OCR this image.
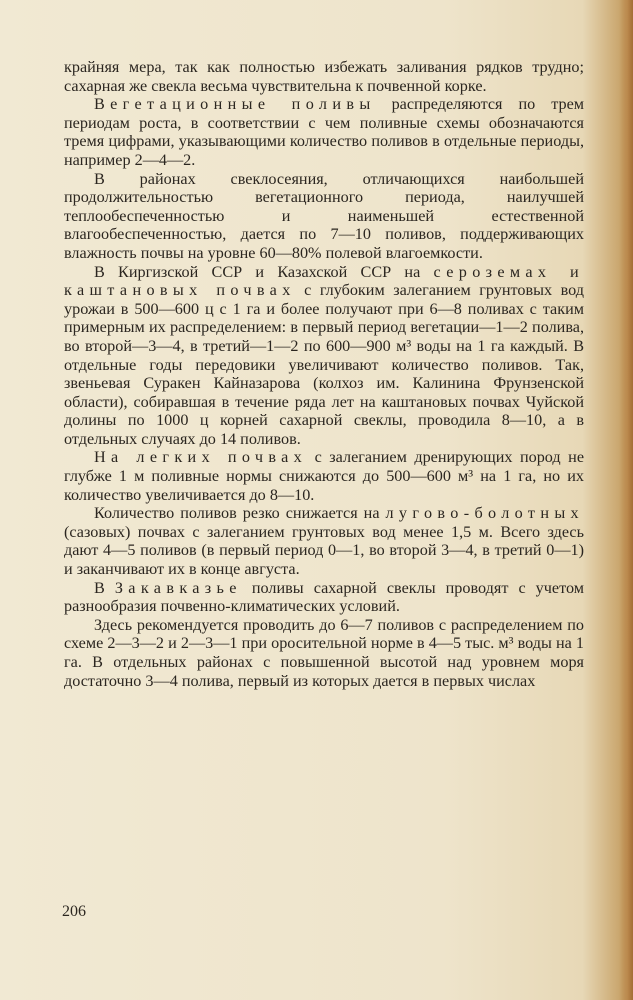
крайняя мера, так как полностью избежать заливания рядков трудно; сахарная же свекла весьма чувствительна к почвенной корке.

Вегетационные поливы распределяются по трем периодам роста, в соответствии с чем поливные схемы обозначаются тремя цифрами, указывающими количество поливов в отдельные периоды, например 2—4—2.

В районах свеклосеяния, отличающихся наибольшей продолжительностью вегетационного периода, наилучшей теплообеспеченностью и наименьшей естественной влагообеспеченностью, дается по 7—10 поливов, поддерживающих влажность почвы на уровне 60—80% полевой влагоемкости.

В Киргизской ССР и Казахской ССР на сероземах и каштановых почвах с глубоким залеганием грунтовых вод урожаи в 500—600 ц с 1 га и более получают при 6—8 поливах с таким примерным их распределением: в первый период вегетации—1—2 полива, во второй—3—4, в третий—1—2 по 600—900 м³ воды на 1 га каждый. В отдельные годы передовики увеличивают количество поливов. Так, звеньевая Суракен Кайназарова (колхоз им. Калинина Фрунзенской области), собиравшая в течение ряда лет на каштановых почвах Чуйской долины по 1000 ц корней сахарной свеклы, проводила 8—10, а в отдельных случаях до 14 поливов.

На легких почвах с залеганием дренирующих пород не глубже 1 м поливные нормы снижаются до 500—600 м³ на 1 га, но их количество увеличивается до 8—10.

Количество поливов резко снижается на лугово-болотных (сазовых) почвах с залеганием грунтовых вод менее 1,5 м. Всего здесь дают 4—5 поливов (в первый период 0—1, во второй 3—4, в третий 0—1) и заканчивают их в конце августа.

В Закавказье поливы сахарной свеклы проводят с учетом разнообразия почвенно-климатических условий.

Здесь рекомендуется проводить до 6—7 поливов с распределением по схеме 2—3—2 и 2—3—1 при оросительной норме в 4—5 тыс. м³ воды на 1 га. В отдельных районах с повышенной высотой над уровнем моря достаточно 3—4 полива, первый из которых дается в первых числах

206
